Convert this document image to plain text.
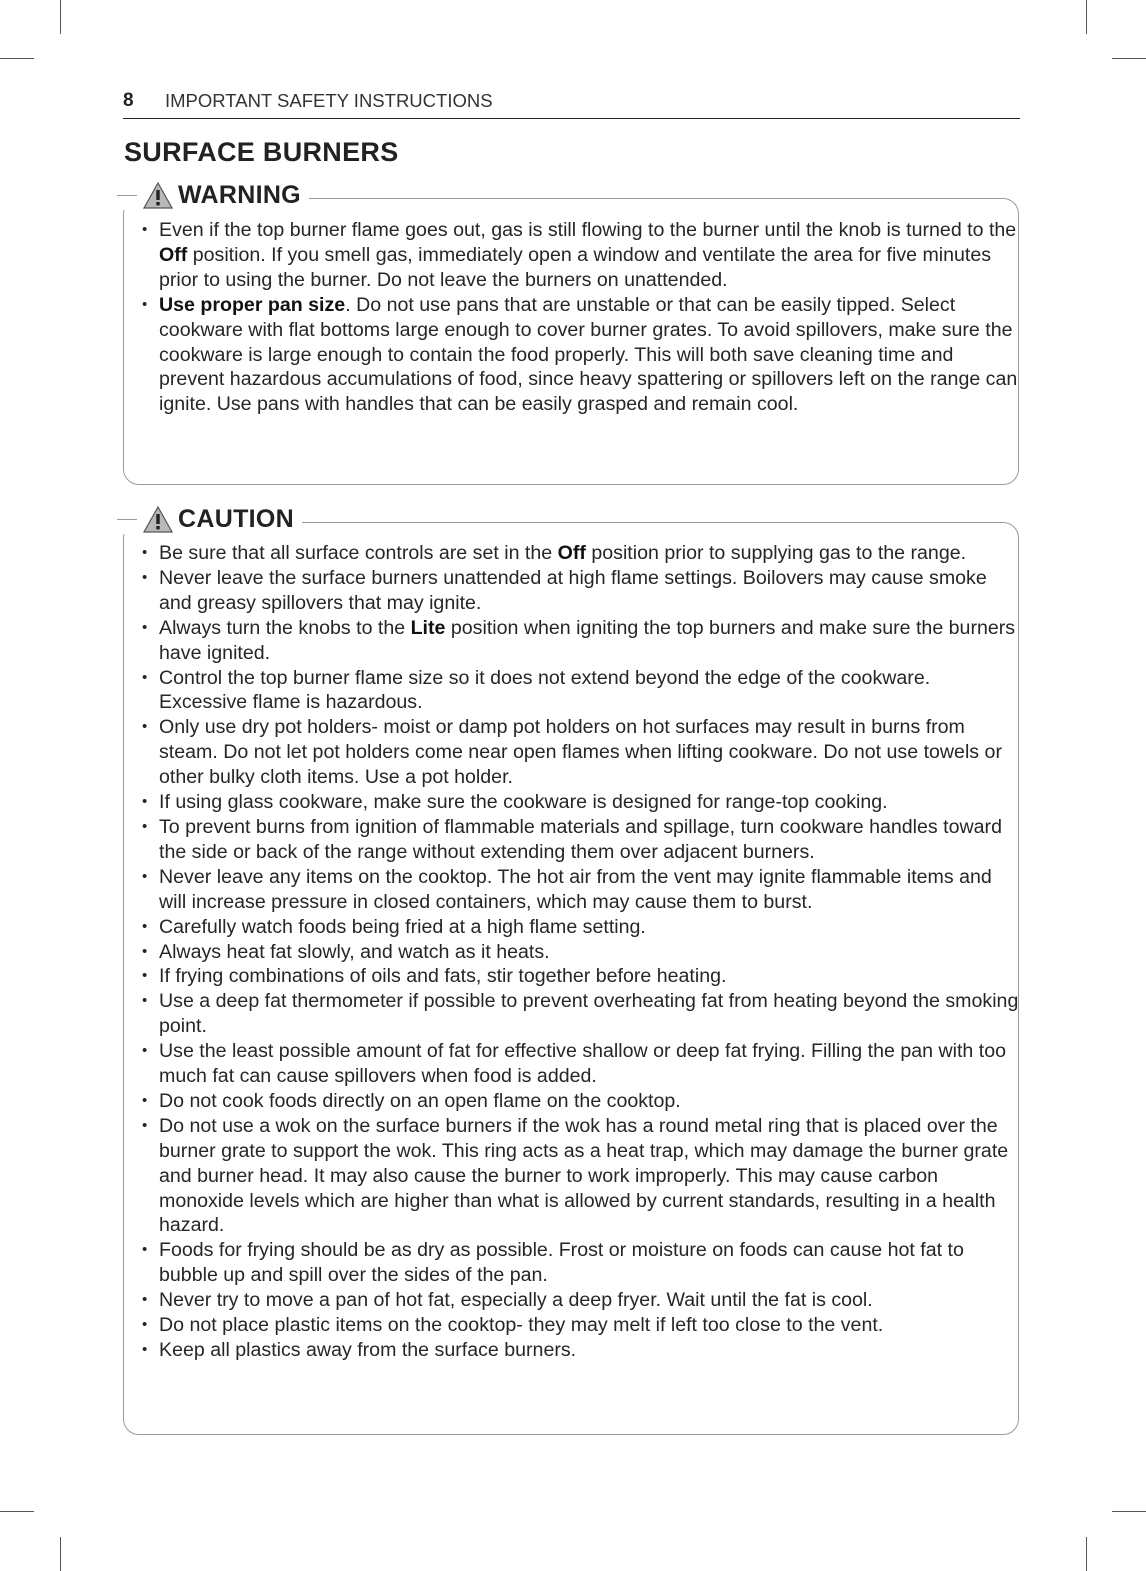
8 IMPORTANT SAFETY INSTRUCTIONS
SURFACE BURNERS
WARNING
• Even if the top burner flame goes out, gas is still flowing to the burner until the knob is turned to the Off position. If you smell gas, immediately open a window and ventilate the area for five minutes prior to using the burner. Do not leave the burners on unattended.
• Use proper pan size. Do not use pans that are unstable or that can be easily tipped. Select cookware with flat bottoms large enough to cover burner grates. To avoid spillovers, make sure the cookware is large enough to contain the food properly. This will both save cleaning time and prevent hazardous accumulations of food, since heavy spattering or spillovers left on the range can ignite. Use pans with handles that can be easily grasped and remain cool.
CAUTION
• Be sure that all surface controls are set in the Off position prior to supplying gas to the range.
• Never leave the surface burners unattended at high flame settings. Boilovers may cause smoke and greasy spillovers that may ignite.
• Always turn the knobs to the Lite position when igniting the top burners and make sure the burners have ignited.
• Control the top burner flame size so it does not extend beyond the edge of the cookware. Excessive flame is hazardous.
• Only use dry pot holders- moist or damp pot holders on hot surfaces may result in burns from steam. Do not let pot holders come near open flames when lifting cookware. Do not use towels or other bulky cloth items. Use a pot holder.
• If using glass cookware, make sure the cookware is designed for range-top cooking.
• To prevent burns from ignition of flammable materials and spillage, turn cookware handles toward the side or back of the range without extending them over adjacent burners.
• Never leave any items on the cooktop. The hot air from the vent may ignite flammable items and will increase pressure in closed containers, which may cause them to burst.
• Carefully watch foods being fried at a high flame setting.
• Always heat fat slowly, and watch as it heats.
• If frying combinations of oils and fats, stir together before heating.
• Use a deep fat thermometer if possible to prevent overheating fat from heating beyond the smoking point.
• Use the least possible amount of fat for effective shallow or deep fat frying. Filling the pan with too much fat can cause spillovers when food is added.
• Do not cook foods directly on an open flame on the cooktop.
• Do not use a wok on the surface burners if the wok has a round metal ring that is placed over the burner grate to support the wok. This ring acts as a heat trap, which may damage the burner grate and burner head. It may also cause the burner to work improperly. This may cause carbon monoxide levels which are higher than what is allowed by current standards, resulting in a health hazard.
• Foods for frying should be as dry as possible. Frost or moisture on foods can cause hot fat to bubble up and spill over the sides of the pan.
• Never try to move a pan of hot fat, especially a deep fryer. Wait until the fat is cool.
• Do not place plastic items on the cooktop- they may melt if left too close to the vent.
• Keep all plastics away from the surface burners.
